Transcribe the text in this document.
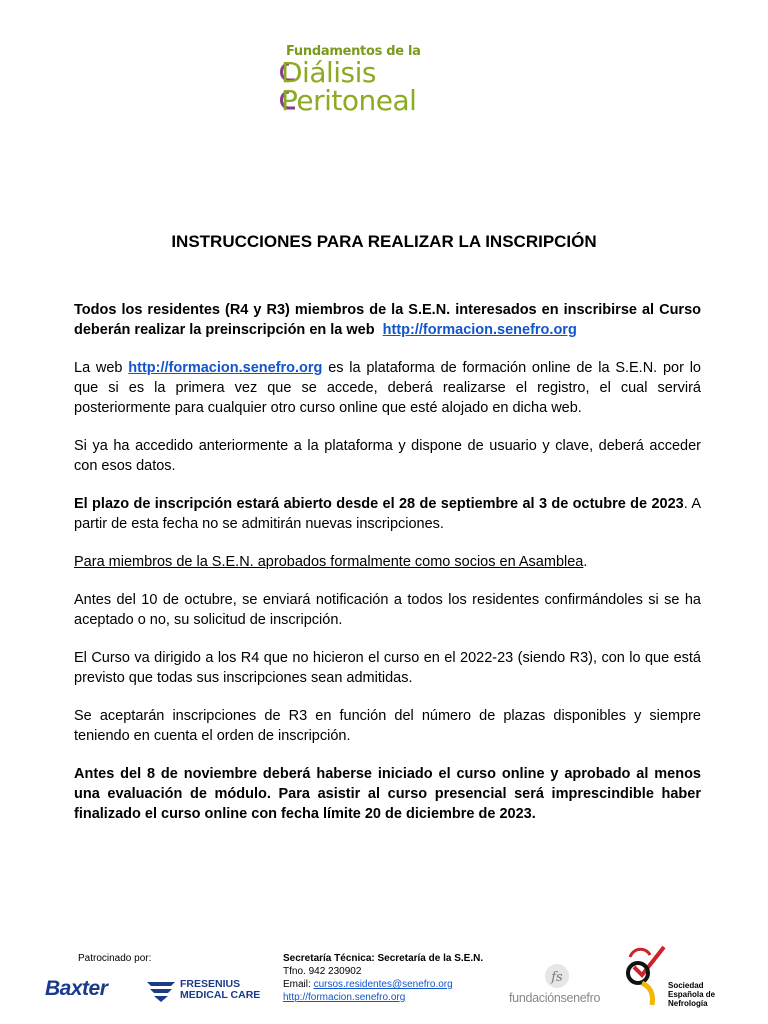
Fundamentos de la
Diálisis
Peritoneal
INSTRUCCIONES PARA REALIZAR LA INSCRIPCIÓN

Todos los residentes (R4 y R3) miembros de la S.E.N. interesados en inscribirse al Curso deberán realizar la preinscripción en la web http://formacion.senefro.org

La web http://formacion.senefro.org es la plataforma de formación online de la S.E.N. por lo que si es la primera vez que se accede, deberá realizarse el registro, el cual servirá posteriormente para cualquier otro curso online que esté alojado en dicha web.

Si ya ha accedido anteriormente a la plataforma y dispone de usuario y clave, deberá acceder con esos datos.

El plazo de inscripción estará abierto desde el 28 de septiembre al 3 de octubre de 2023. A partir de esta fecha no se admitirán nuevas inscripciones.

Para miembros de la S.E.N. aprobados formalmente como socios en Asamblea.

Antes del 10 de octubre, se enviará notificación a todos los residentes confirmándoles si se ha aceptado o no, su solicitud de inscripción.

El Curso va dirigido a los R4 que no hicieron el curso en el 2022-23 (siendo R3), con lo que está previsto que todas sus inscripciones sean admitidas.

Se aceptarán inscripciones de R3 en función del número de plazas disponibles y siempre teniendo en cuenta el orden de inscripción.

Antes del 8 de noviembre deberá haberse iniciado el curso online y aprobado al menos una evaluación de módulo. Para asistir al curso presencial será imprescindible haber finalizado el curso online con fecha límite 20 de diciembre de 2023.

Patrocinado por:
Baxter	FRESENIUS
MEDICAL CARE
Secretaría Técnica: Secretaría de la S.E.N.
Tfno. 942 230902
Email: cursos.residentes@senefro.org
http://formacion.senefro.org
fs
fundaciónsenefro
Sociedad
Española de
Nefrología
